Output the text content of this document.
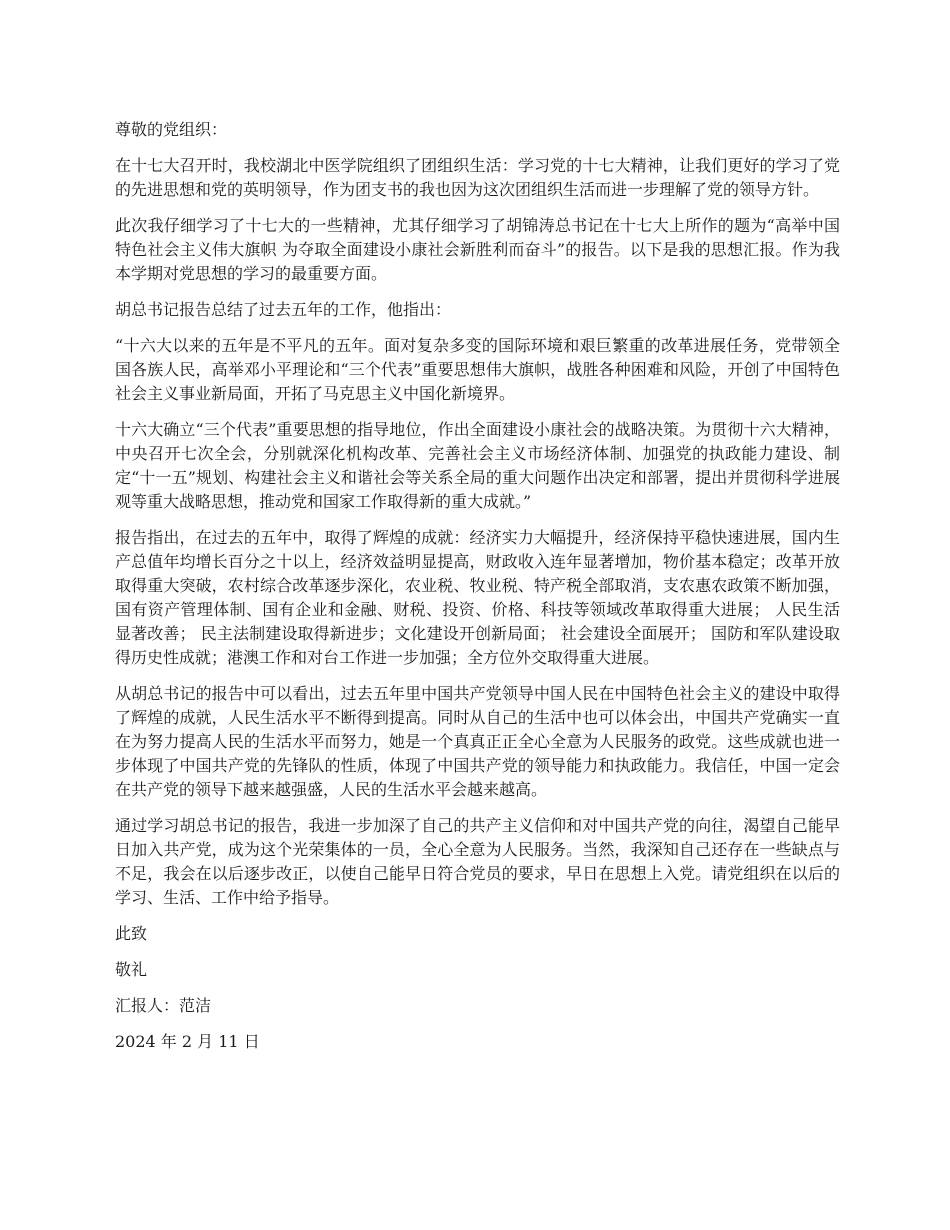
尊敬的党组织：

在十七大召开时，我校湖北中医学院组织了团组织生活：学习党的十七大精神，让我们更好的学习了党的先进思想和党的英明领导，作为团支书的我也因为这次团组织生活而进一步理解了党的领导方针。

此次我仔细学习了十七大的一些精神，尤其仔细学习了胡锦涛总书记在十七大上所作的题为“高举中国特色社会主义伟大旗帜 为夺取全面建设小康社会新胜利而奋斗”的报告。以下是我的思想汇报。作为我本学期对党思想的学习的最重要方面。

胡总书记报告总结了过去五年的工作，他指出：

“十六大以来的五年是不平凡的五年。面对复杂多变的国际环境和艰巨繁重的改革进展任务，党带领全国各族人民，高举邓小平理论和“三个代表”重要思想伟大旗帜，战胜各种困难和风险，开创了中国特色社会主义事业新局面，开拓了马克思主义中国化新境界。

十六大确立“三个代表”重要思想的指导地位，作出全面建设小康社会的战略决策。为贯彻十六大精神，中央召开七次全会，分别就深化机构改革、完善社会主义市场经济体制、加强党的执政能力建设、制定“十一五”规划、构建社会主义和谐社会等关系全局的重大问题作出决定和部署，提出并贯彻科学进展观等重大战略思想，推动党和国家工作取得新的重大成就。”

报告指出，在过去的五年中，取得了辉煌的成就：经济实力大幅提升，经济保持平稳快速进展，国内生产总值年均增长百分之十以上，经济效益明显提高，财政收入连年显著增加，物价基本稳定；改革开放取得重大突破，农村综合改革逐步深化，农业税、牧业税、特产税全部取消，支农惠农政策不断加强，国有资产管理体制、国有企业和金融、财税、投资、价格、科技等领域改革取得重大进展； 人民生活显著改善； 民主法制建设取得新进步；文化建设开创新局面； 社会建设全面展开； 国防和军队建设取得历史性成就；港澳工作和对台工作进一步加强；全方位外交取得重大进展。

从胡总书记的报告中可以看出，过去五年里中国共产党领导中国人民在中国特色社会主义的建设中取得了辉煌的成就，人民生活水平不断得到提高。同时从自己的生活中也可以体会出，中国共产党确实一直在为努力提高人民的生活水平而努力，她是一个真真正正全心全意为人民服务的政党。这些成就也进一步体现了中国共产党的先锋队的性质，体现了中国共产党的领导能力和执政能力。我信任，中国一定会在共产党的领导下越来越强盛，人民的生活水平会越来越高。

通过学习胡总书记的报告，我进一步加深了自己的共产主义信仰和对中国共产党的向往，渴望自己能早日加入共产党，成为这个光荣集体的一员，全心全意为人民服务。当然，我深知自己还存在一些缺点与不足，我会在以后逐步改正，以使自己能早日符合党员的要求，早日在思想上入党。请党组织在以后的学习、生活、工作中给予指导。

此致

敬礼

汇报人：范洁

2024 年 2 月 11 日
